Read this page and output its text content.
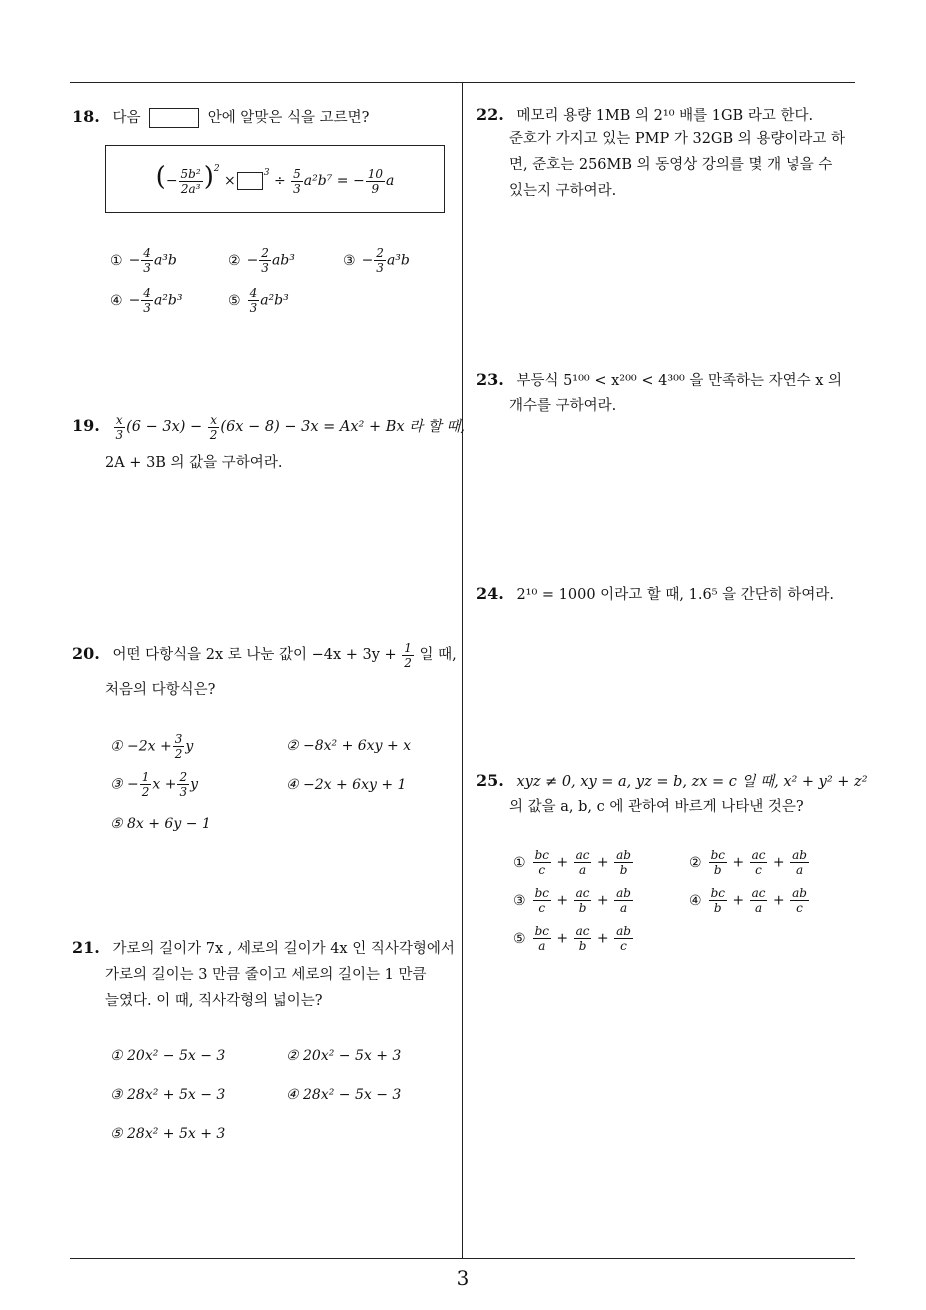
18. 다음	안에 알맞은 식을 고르면?
(− $\frac{\text{5b²}}{\text{2a³}} )^2$ ×	$^3 \div \frac{5}{3} a^2b^7$ = − $\frac{10}{9}$ a
① − $\frac{4}{3} a^3b$	② − $\frac{2}{3} ab^3$	③ − $\frac{2}{3} a^3b$
④ − $\frac{4}{3} a^2b^3$	⑤ $\frac{4}{3} a^2b^3$
19. $\frac{x}{3} (6 - 3x) - \frac{x}{2} (6x - 8) - 3x = Ax^2 + Bx$ 라 할 때,
2A + 3B 의 값을 구하여라.
20. 어떤 다항식을 2x 로 나눈 값이 $-4x + 3y + \frac{1}{2}$ 일 때,
처음의 다항식은?
① $-2x + \frac{3}{2}$ y	② −8x² + 6xy + x
③ − $\frac{1}{2}$ $x + \frac{2}{3}$ y	④ −2x + 6xy + 1
⑤ 8x + 6y − 1
21. 가로의 길이가 7x , 세로의 길이가 4x 인 직사각형에서
가로의 길이는 3 만큼 줄이고 세로의 길이는 1 만큼
늘였다. 이 때, 직사각형의 넓이는?
① 20x² − 5x − 3	② 20x² − 5x + 3
③ 28x² + 5x − 3	④ 28x² − 5x − 3
⑤ 28x² + 5x + 3
22. 메모리 용량 1MB 의 2¹⁰ 배를 1GB 라고 한다.
준호가 가지고 있는 PMP 가 32GB 의 용량이라고 하
면, 준호는 256MB 의 동영상 강의를 몇 개 넣을 수
있는지 구하여라.
23. 부등식 5¹⁰⁰ < x²⁰⁰ < 4³⁰⁰ 을 만족하는 자연수 x 의
개수를 구하여라.
24. 2¹⁰ = 1000 이라고 할 때, 1.6⁵ 을 간단히 하여라.
25. xyz ≠ 0, xy = a, yz = b, zx = c 일 때, x² + y² + z²
의 값을 a, b, c 에 관하여 바르게 나타낸 것은?
① $\frac{bc}{c} + \frac{ac}{a} + \frac{ab}{b}$	② $\frac{bc}{b} + \frac{ac}{c} + \frac{ab}{a}$
③ $\frac{bc}{c} + \frac{ac}{b} + \frac{ab}{a}$	④ $\frac{bc}{b} + \frac{ac}{a} + \frac{ab}{c}$
⑤ $\frac{bc}{a} + \frac{ac}{b} + \frac{ab}{c}$
3
